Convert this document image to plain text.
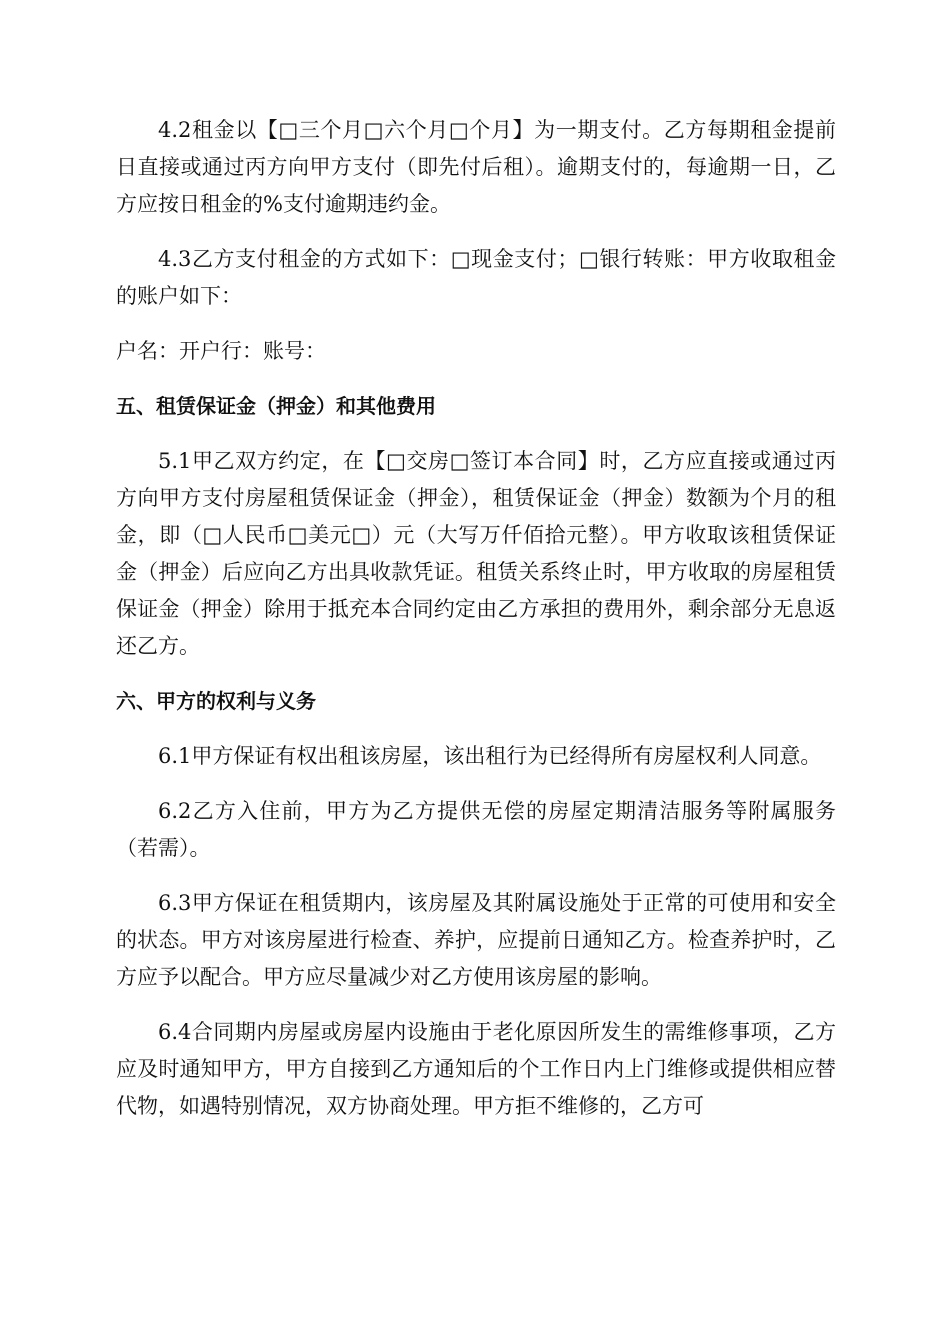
4.2租金以【□三个月□六个月□个月】为一期支付。乙方每期租金提前日直接或通过丙方向甲方支付（即先付后租）。逾期支付的，每逾期一日，乙方应按日租金的%支付逾期违约金。

4.3乙方支付租金的方式如下：□现金支付；□银行转账：甲方收取租金的账户如下：

户名：开户行：账号：

五、租赁保证金（押金）和其他费用

5.1甲乙双方约定，在【□交房□签订本合同】时，乙方应直接或通过丙方向甲方支付房屋租赁保证金（押金），租赁保证金（押金）数额为个月的租金，即（□人民币□美元□）元（大写万仟佰拾元整）。甲方收取该租赁保证金（押金）后应向乙方出具收款凭证。租赁关系终止时，甲方收取的房屋租赁保证金（押金）除用于抵充本合同约定由乙方承担的费用外，剩余部分无息返还乙方。

六、甲方的权利与义务

6.1甲方保证有权出租该房屋，该出租行为已经得所有房屋权利人同意。

6.2乙方入住前，甲方为乙方提供无偿的房屋定期清洁服务等附属服务（若需）。

6.3甲方保证在租赁期内，该房屋及其附属设施处于正常的可使用和安全的状态。甲方对该房屋进行检查、养护，应提前日通知乙方。检查养护时，乙方应予以配合。甲方应尽量减少对乙方使用该房屋的影响。

6.4合同期内房屋或房屋内设施由于老化原因所发生的需维修事项，乙方应及时通知甲方，甲方自接到乙方通知后的个工作日内上门维修或提供相应替代物，如遇特别情况，双方协商处理。甲方拒不维修的，乙方可
